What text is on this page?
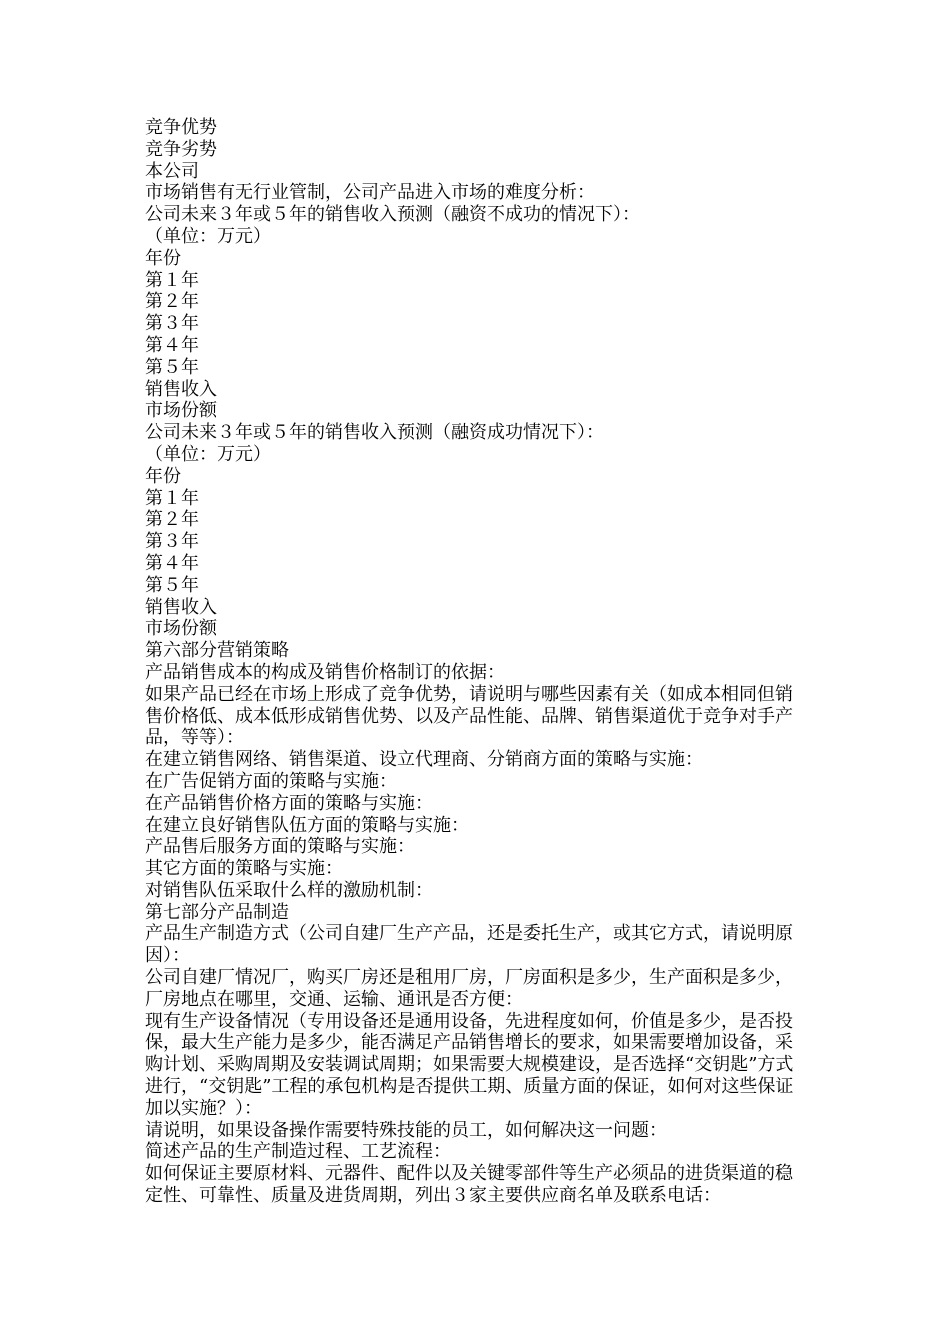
竞争优势

竞争劣势

本公司

市场销售有无行业管制，公司产品进入市场的难度分析：

公司未来３年或５年的销售收入预测（融资不成功的情况下）：

（单位：万元）

年份

第１年

第２年

第３年

第４年

第５年

销售收入

市场份额

公司未来３年或５年的销售收入预测（融资成功情况下）：

（单位：万元）

年份

第１年

第２年

第３年

第４年

第５年

销售收入

市场份额

第六部分营销策略

产品销售成本的构成及销售价格制订的依据：

如果产品已经在市场上形成了竞争优势，请说明与哪些因素有关（如成本相同但销售价格低、成本低形成销售优势、以及产品性能、品牌、销售渠道优于竞争对手产品，等等）：

在建立销售网络、销售渠道、设立代理商、分销商方面的策略与实施：

在广告促销方面的策略与实施：

在产品销售价格方面的策略与实施：

在建立良好销售队伍方面的策略与实施：

产品售后服务方面的策略与实施：

其它方面的策略与实施：

对销售队伍采取什么样的激励机制：

第七部分产品制造

产品生产制造方式（公司自建厂生产产品，还是委托生产，或其它方式，请说明原因）：

公司自建厂情况厂，购买厂房还是租用厂房，厂房面积是多少，生产面积是多少，厂房地点在哪里，交通、运输、通讯是否方便：

现有生产设备情况（专用设备还是通用设备，先进程度如何，价值是多少，是否投保，最大生产能力是多少，能否满足产品销售增长的要求，如果需要增加设备，采购计划、采购周期及安装调试周期；如果需要大规模建设，是否选择“交钥匙”方式进行，“交钥匙”工程的承包机构是否提供工期、质量方面的保证，如何对这些保证加以实施？）：

请说明，如果设备操作需要特殊技能的员工，如何解决这一问题：

简述产品的生产制造过程、工艺流程：

如何保证主要原材料、元器件、配件以及关键零部件等生产必须品的进货渠道的稳定性、可靠性、质量及进货周期，列出３家主要供应商名单及联系电话：
